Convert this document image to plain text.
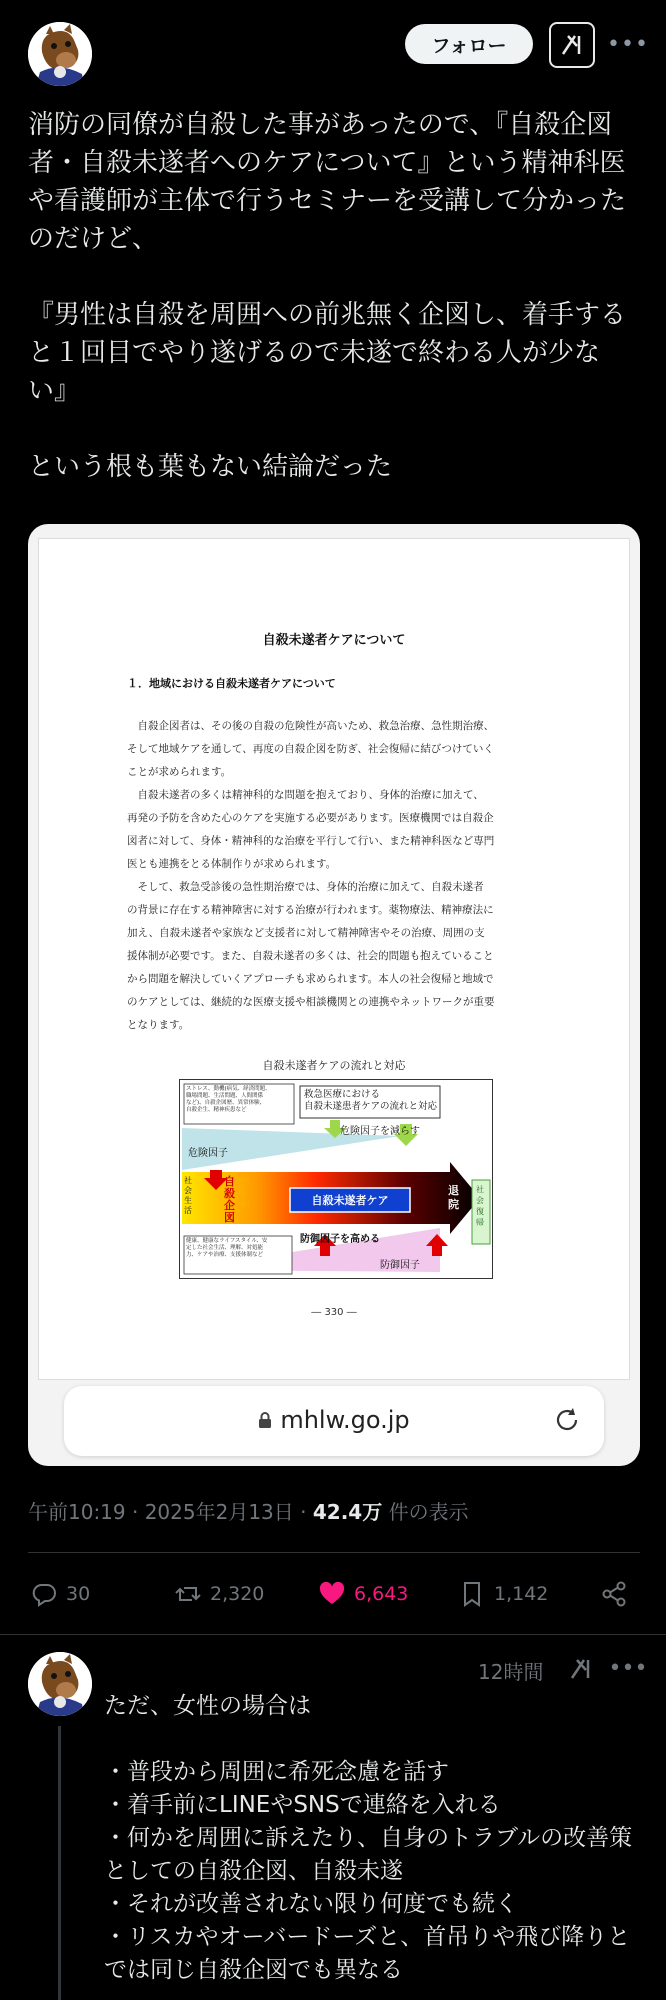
フォロー	•••
消防の同僚が自殺した事があったので、『自殺企図者・自殺未遂者へのケアについて』という精神科医や看護師が主体で行うセミナーを受講して分かったのだけど、

『男性は自殺を周囲への前兆無く企図し、着手すると１回目でやり遂げるので未遂で終わる人が少ない』

という根も葉もない結論だった
自殺未遂者ケアについて
１．地域における自殺未遂者ケアについて
　自殺企図者は、その後の自殺の危険性が高いため、救急治療、急性期治療、
そして地域ケアを通して、再度の自殺企図を防ぎ、社会復帰に結びつけていく
ことが求められます。
　自殺未遂者の多くは精神科的な問題を抱えており、身体的治療に加えて、
再発の予防を含めた心のケアを実施する必要があります。医療機関では自殺企
図者に対して、身体・精神科的な治療を平行して行い、また精神科医など専門
医とも連携をとる体制作りが求められます。
　そして、救急受診後の急性期治療では、身体的治療に加えて、自殺未遂者
の背景に存在する精神障害に対する治療が行われます。薬物療法、精神療法に
加え、自殺未遂者や家族など支援者に対して精神障害やその治療、周囲の支
援体制が必要です。また、自殺未遂者の多くは、社会的問題も抱えていること
から問題を解決していくアプローチも求められます。本人の社会復帰と地域で
のケアとしては、継続的な医療支援や相談機関との連携やネットワークが重要
となります。
自殺未遂者ケアの流れと対応
ストレス、動機(病気、経済問題、
職場問題、生活問題、人間関係
など)、自殺企図歴、異常体験、
自殺企生、精神疾患など
救急医療における
自殺未遂患者ケアの流れと対応
危険因子を減らす
危険因子
社会生活
自殺企図
(救急受診)	自殺未遂者ケア
退院
社会復帰
健康、健康なライフスタイル、安
定した社会生活、理解、対処能
力、ケアや治療、支援体制など
防御因子を高める
防御因子
― 330 ―
mhlw.go.jp
午前10:19 · 2025年2月13日 · 42.4万 件の表示
30	2,320	6,643	1,142
12時間	•••
ただ、女性の場合は

・普段から周囲に希死念慮を話す
・着手前にLINEやSNSで連絡を入れる
・何かを周囲に訴えたり、自身のトラブルの改善策としての自殺企図、自殺未遂
・それが改善されない限り何度でも続く
・リスカやオーバードーズと、首吊りや飛び降りとでは同じ自殺企図でも異なる
